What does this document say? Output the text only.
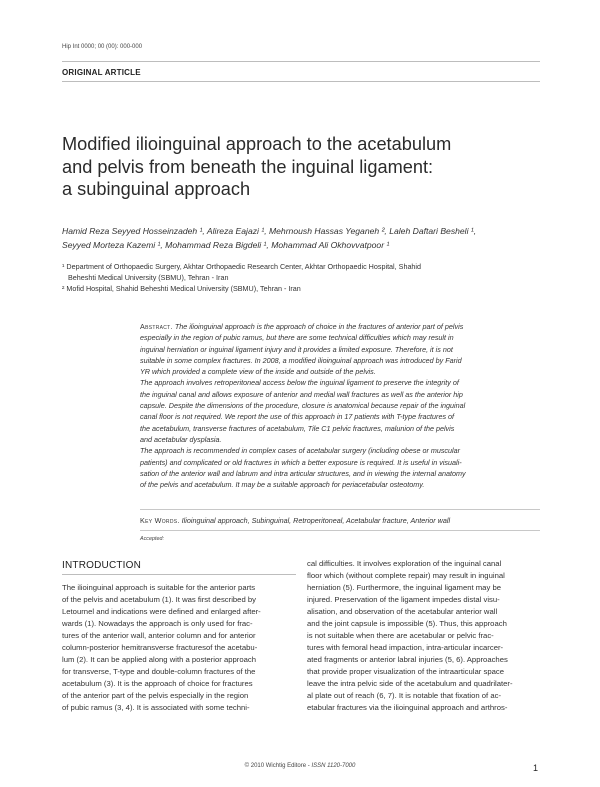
Hip Int 0000; 00 (00): 000-000
ORIGINAL ARTICLE
Modified ilioinguinal approach to the acetabulum
and pelvis from beneath the inguinal ligament:
a subinguinal approach
Hamid Reza Seyyed Hosseinzadeh ¹, Alireza Eajazi ¹, Mehrnoush Hassas Yeganeh ², Laleh Daftari Besheli ¹,
Seyyed Morteza Kazemi ¹, Mohammad Reza Bigdeli ¹, Mohammad Ali Okhovvatpoor ¹
¹ Department of Orthopaedic Surgery, Akhtar Orthopaedic Research Center, Akhtar Orthopaedic Hospital, Shahid
Beheshti Medical University (SBMU), Tehran - Iran
² Mofid Hospital, Shahid Beheshti Medical University (SBMU), Tehran - Iran
Abstract. The ilioinguinal approach is the approach of choice in the fractures of anterior part of pelvis
especially in the region of pubic ramus, but there are some technical difficulties which may result in
inguinal herniation or inguinal ligament injury and it provides a limited exposure. Therefore, it is not
suitable in some complex fractures. In 2008, a modified ilioinguinal approach was introduced by Farid
YR which provided a complete view of the inside and outside of the pelvis.
The approach involves retroperitoneal access below the inguinal ligament to preserve the integrity of
the inguinal canal and allows exposure of anterior and medial wall fractures as well as the anterior hip
capsule. Despite the dimensions of the procedure, closure is anatomical because repair of the inguinal
canal floor is not required. We report the use of this approach in 17 patients with T-type fractures of
the acetabulum, transverse fractures of acetabulum, Tile C1 pelvic fractures, malunion of the pelvis
and acetabular dysplasia.
The approach is recommended in complex cases of acetabular surgery (including obese or muscular
patients) and complicated or old fractures in which a better exposure is required. It is useful in visuali-
sation of the anterior wall and labrum and intra articular structures, and in viewing the internal anatomy
of the pelvis and acetabulum. It may be a suitable approach for periacetabular osteotomy.
Key Words. Ilioinguinal approach, Subinguinal, Retroperitoneal, Acetabular fracture, Anterior wall
Accepted:
INTRODUCTION
The ilioinguinal approach is suitable for the anterior parts
of the pelvis and acetabulum (1). It was first described by
Letournel and indications were defined and enlarged after-
wards (1). Nowadays the approach is only used for frac-
tures of the anterior wall, anterior column and for anterior
column-posterior hemitransverse fracturesof the acetabu-
lum (2). It can be applied along with a posterior approach
for transverse, T-type and double-column fractures of the
acetabulum (3). It is the approach of choice for fractures
of the anterior part of the pelvis especially in the region
of pubic ramus (3, 4). It is associated with some techni-
cal difficulties. It involves exploration of the inguinal canal
floor which (without complete repair) may result in inguinal
herniation (5). Furthermore, the inguinal ligament may be
injured. Preservation of the ligament impedes distal visu-
alisation, and observation of the acetabular anterior wall
and the joint capsule is impossible (5). Thus, this approach
is not suitable when there are acetabular or pelvic frac-
tures with femoral head impaction, intra-articular incarcer-
ated fragments or anterior labral injuries (5, 6). Approaches
that provide proper visualization of the intraarticular space
leave the intra pelvic side of the acetabulum and quadrilater-
al plate out of reach (6, 7). It is notable that fixation of ac-
etabular fractures via the ilioinguinal approach and arthros-
© 2010 Wichtig Editore - ISSN 1120-7000	1
